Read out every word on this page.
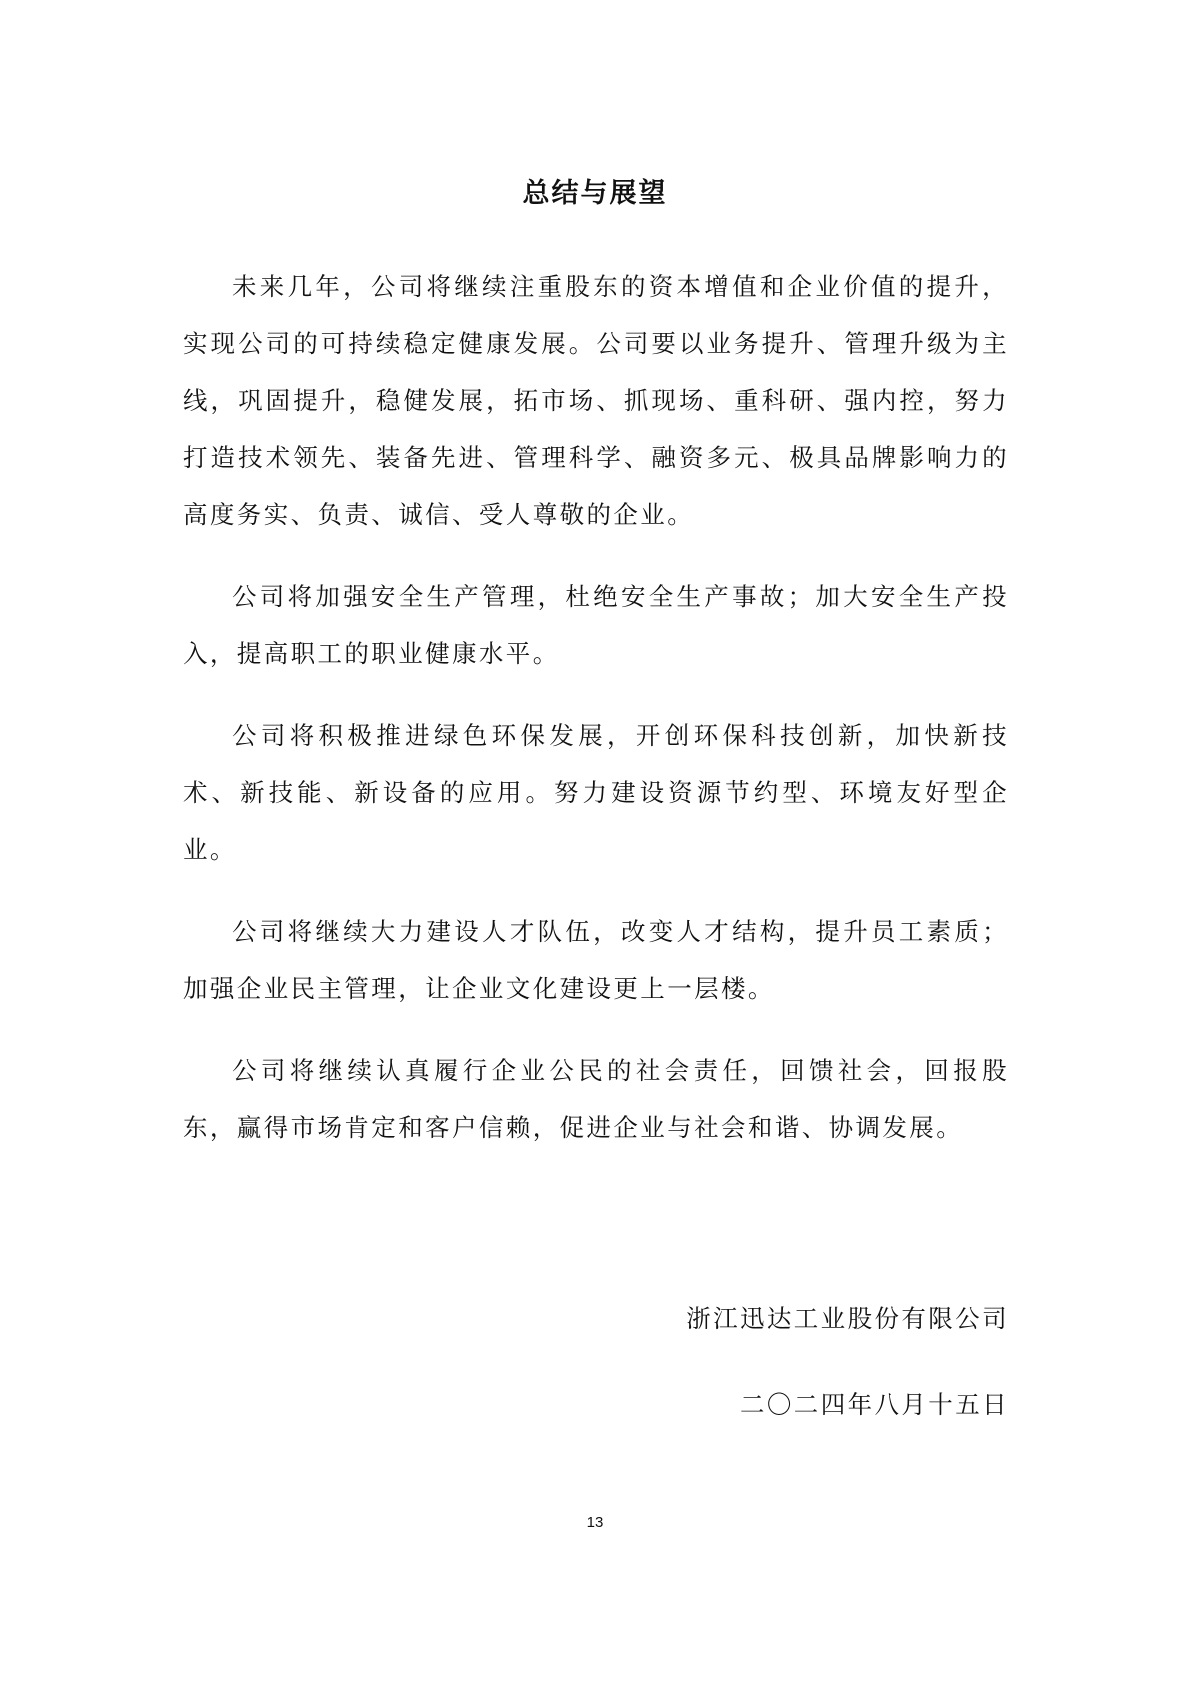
总结与展望

未来几年，公司将继续注重股东的资本增值和企业价值的提升，实现公司的可持续稳定健康发展。公司要以业务提升、管理升级为主线，巩固提升，稳健发展，拓市场、抓现场、重科研、强内控，努力打造技术领先、装备先进、管理科学、融资多元、极具品牌影响力的高度务实、负责、诚信、受人尊敬的企业。

公司将加强安全生产管理，杜绝安全生产事故；加大安全生产投入，提高职工的职业健康水平。

公司将积极推进绿色环保发展，开创环保科技创新，加快新技术、新技能、新设备的应用。努力建设资源节约型、环境友好型企业。

公司将继续大力建设人才队伍，改变人才结构，提升员工素质；加强企业民主管理，让企业文化建设更上一层楼。

公司将继续认真履行企业公民的社会责任，回馈社会，回报股东，赢得市场肯定和客户信赖，促进企业与社会和谐、协调发展。

浙江迅达工业股份有限公司
二〇二四年八月十五日
13
